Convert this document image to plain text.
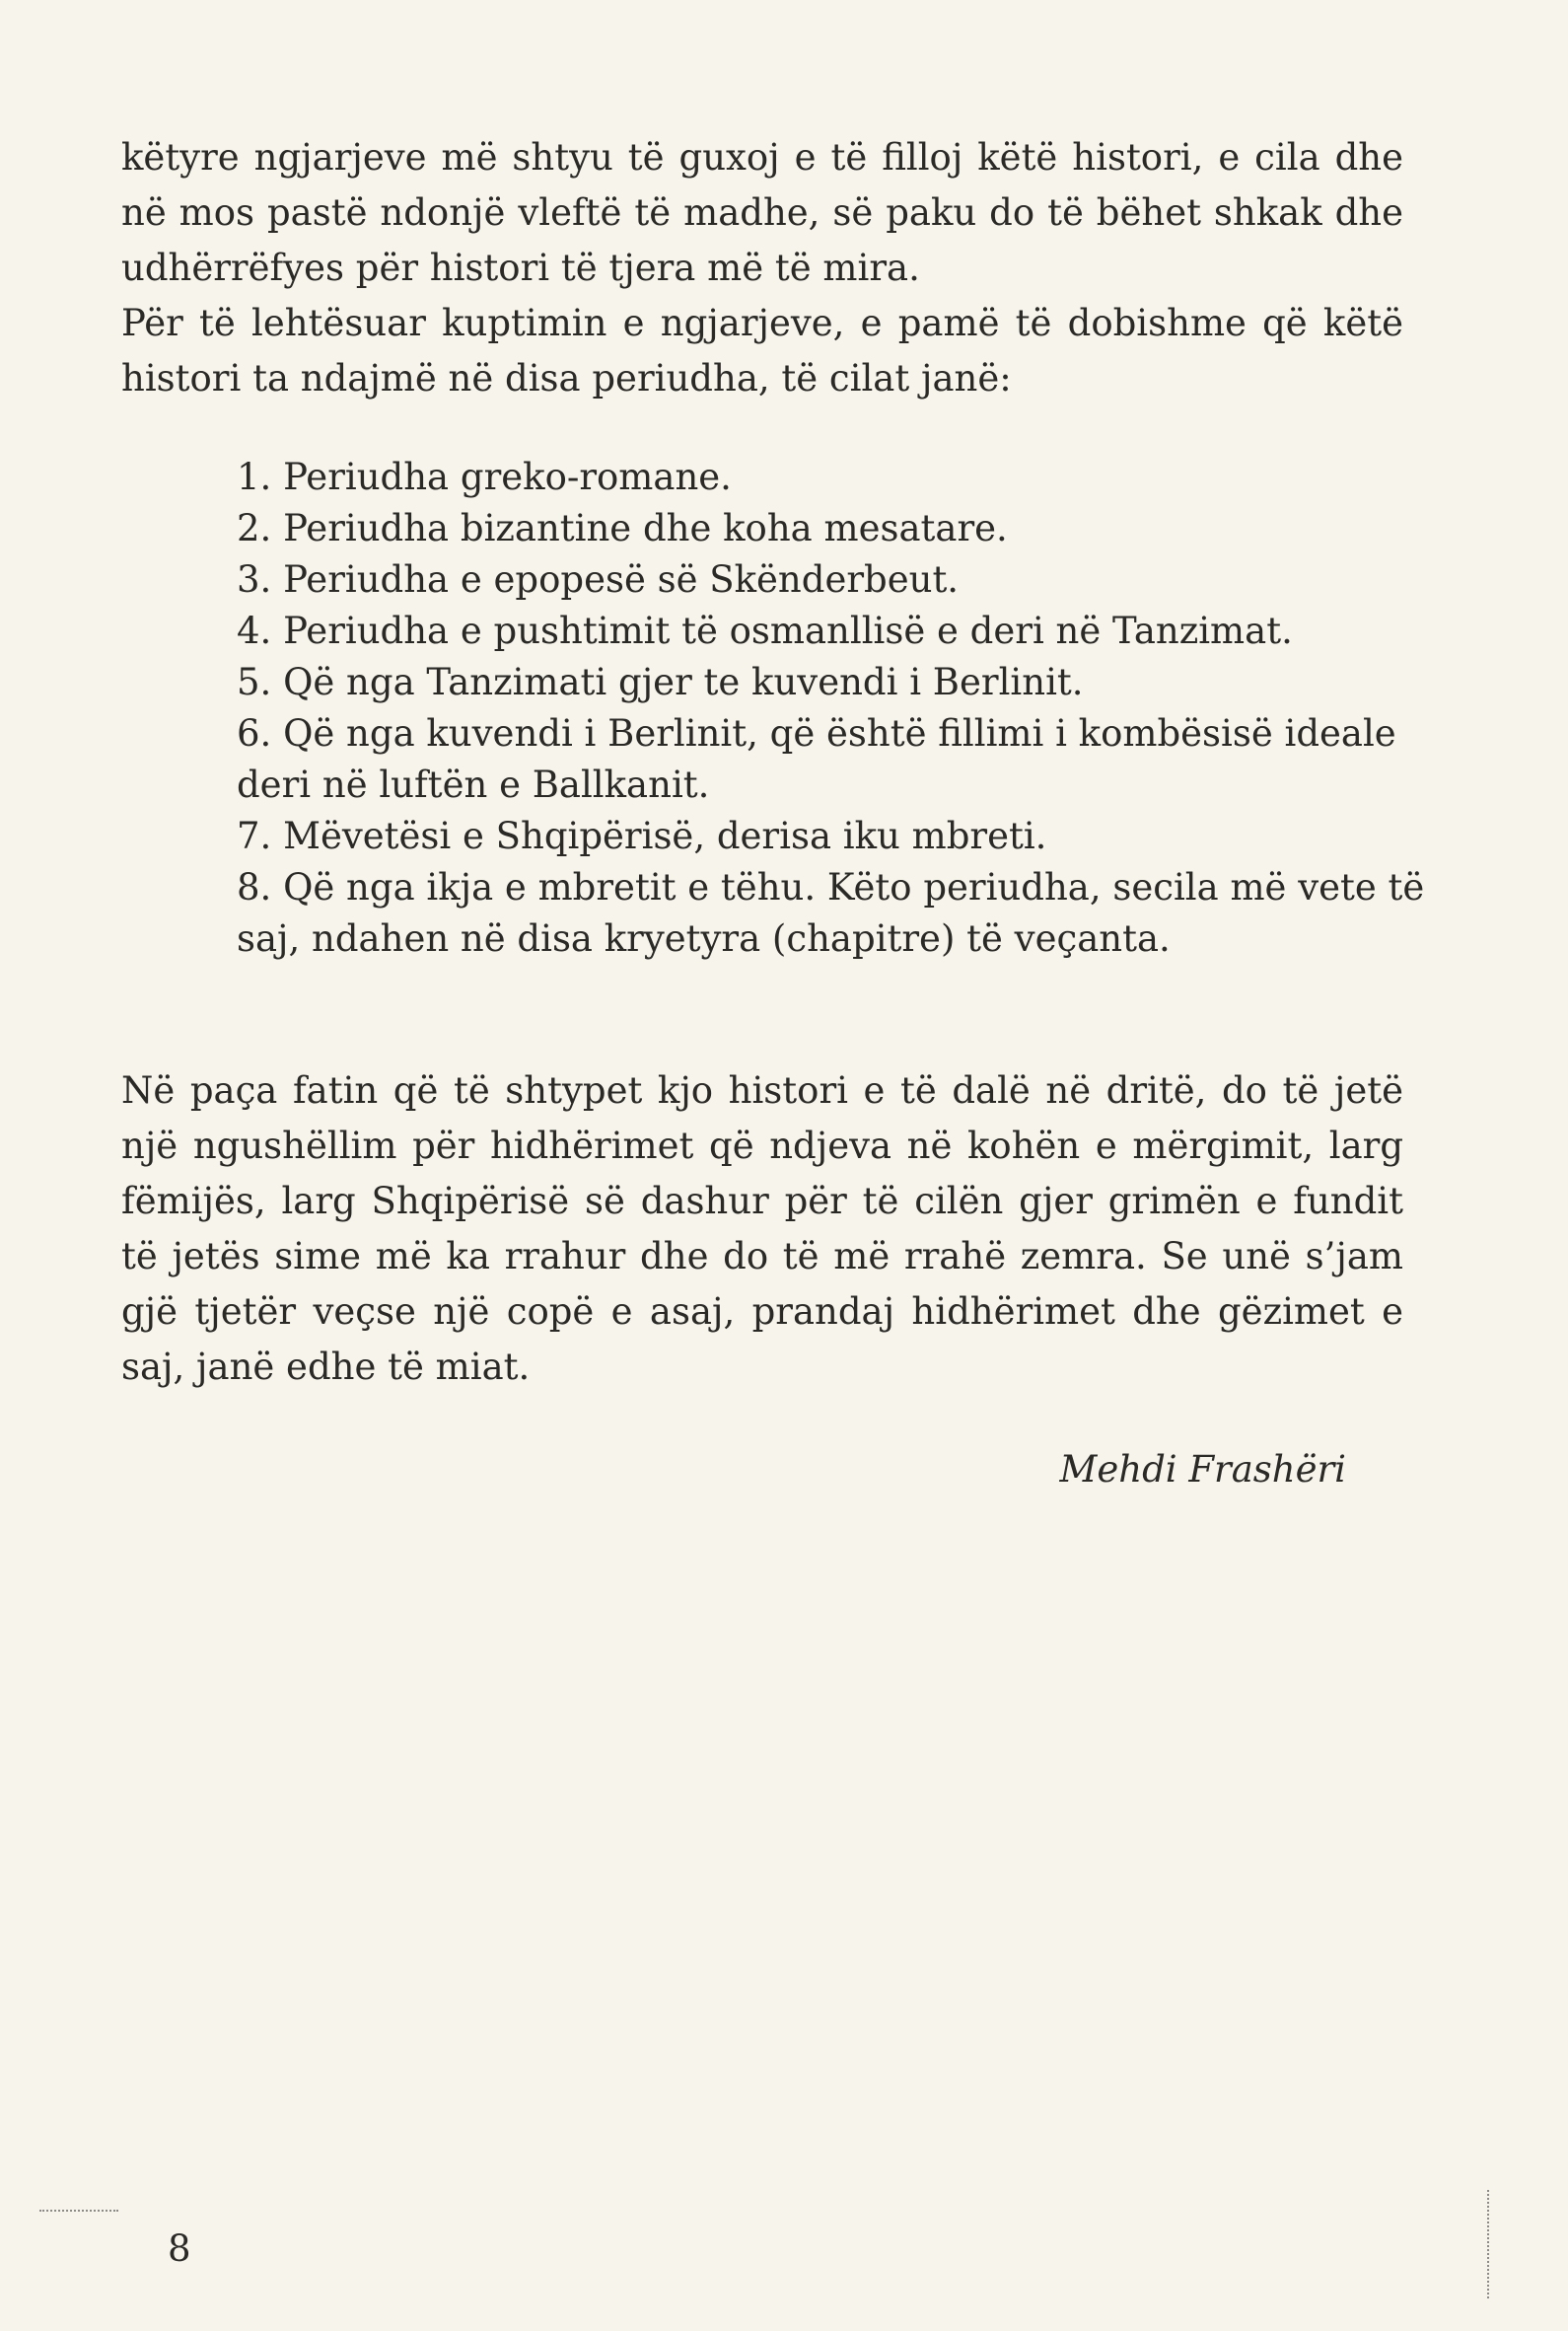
këtyre ngjarjeve më shtyu të guxoj e të filloj këtë histori, e cila dhe në mos pastë ndonjë vleftë të madhe, së paku do të bëhet shkak dhe udhërrëfyes për histori të tjera më të mira.

Për të lehtësuar kuptimin e ngjarjeve, e pamë të dobishme që këtë histori ta ndajmë në disa periudha, të cilat janë:

1. Periudha greko-romane.
2. Periudha bizantine dhe koha mesatare.
3. Periudha e epopesë së Skënderbeut.
4. Periudha e pushtimit të osmanllisë e deri në Tanzimat.
5. Që nga Tanzimati gjer te kuvendi i Berlinit.
6. Që nga kuvendi i Berlinit, që është fillimi i kombësisë ideale deri në luftën e Ballkanit.
7. Mëvetësi e Shqipërisë, derisa iku mbreti.
8. Që nga ikja e mbretit e tëhu. Këto periudha, secila më vete të saj, ndahen në disa kryetyra (chapitre) të veçanta.

Në paça fatin që të shtypet kjo histori e të dalë në dritë, do të jetë një ngushëllim për hidhërimet që ndjeva në kohën e mërgimit, larg fëmijës, larg Shqipërisë së dashur për të cilën gjer grimën e fundit të jetës sime më ka rrahur dhe do të më rrahë zemra. Se unë s’jam gjë tjetër veçse një copë e asaj, prandaj hidhërimet dhe gëzimet e saj, janë edhe të miat.

Mehdi Frashëri
8
